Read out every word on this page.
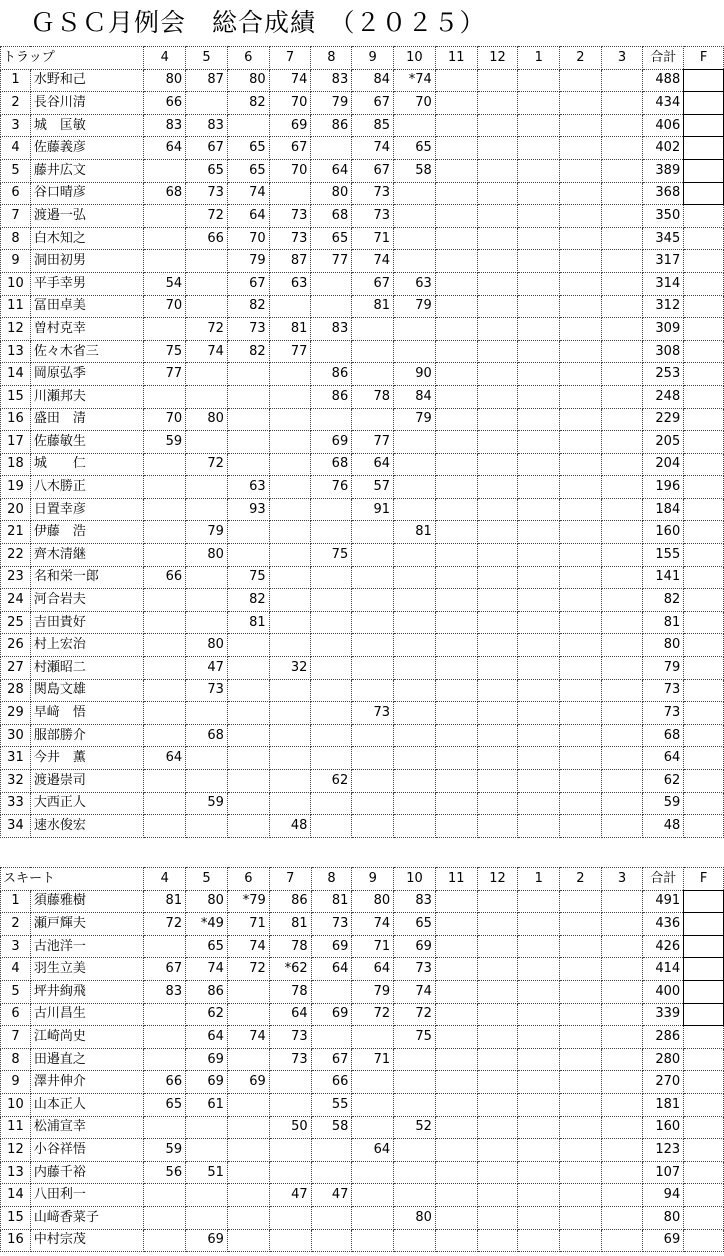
ＧＳＣ月例会　総合成績　（２０２５）
トラップ		4	5	6	7	8	9	10	11	12	1	2	3	合計	F
1	水野和己	80	87	80	74	83	84	*74						488	
2	長谷川清	66		82	70	79	67	70						434	
3	城　匡敏	83	83		69	86	85							406	
4	佐藤義彦	64	67	65	67		74	65						402	
5	藤井広文		65	65	70	64	67	58						389	
6	谷口晴彦	68	73	74		80	73							368	
7	渡邉一弘		72	64	73	68	73							350	
8	白木知之		66	70	73	65	71							345	
9	洞田初男			79	87	77	74							317	
10	平手幸男	54		67	63		67	63						314	
11	冨田卓美	70		82			81	79						312	
12	曽村克幸		72	73	81	83								309	
13	佐々木省三	75	74	82	77									308	
14	岡原弘季	77				86		90						253	
15	川瀬邦夫					86	78	84						248	
16	盛田　清	70	80					79						229	
17	佐藤敏生	59				69	77							205	
18	城　　仁		72			68	64							204	
19	八木勝正			63		76	57							196	
20	日置幸彦			93			91							184	
21	伊藤　浩		79					81						160	
22	齊木清継		80			75								155	
23	名和栄一郎	66		75										141	
24	河合岩夫			82										82	
25	吉田貴好			81										81	
26	村上宏治		80											80	
27	村瀬昭二		47		32									79	
28	関島文雄		73											73	
29	早﨑　悟						73							73	
30	服部勝介		68											68	
31	今井　薫	64												64	
32	渡邉崇司					62								62	
33	大西正人		59											59	
34	速水俊宏				48									48	
スキート		4	5	6	7	8	9	10	11	12	1	2	3	合計	F
1	須藤雅樹	81	80	*79	86	81	80	83						491	
2	瀬戸輝夫	72	*49	71	81	73	74	65						436	
3	古池洋一		65	74	78	69	71	69						426	
4	羽生立美	67	74	72	*62	64	64	73						414	
5	坪井絢飛	83	86		78		79	74						400	
6	古川昌生		62		64	69	72	72						339	
7	江崎尚史		64	74	73			75						286	
8	田邉直之		69		73	67	71							280	
9	澤井伸介	66	69	69		66								270	
10	山本正人	65	61			55								181	
11	松浦宣幸				50	58		52						160	
12	小谷祥悟	59					64							123	
13	内藤千裕	56	51											107	
14	八田利一				47	47								94	
15	山﨑香菜子							80						80	
16	中村宗茂		69											69	
